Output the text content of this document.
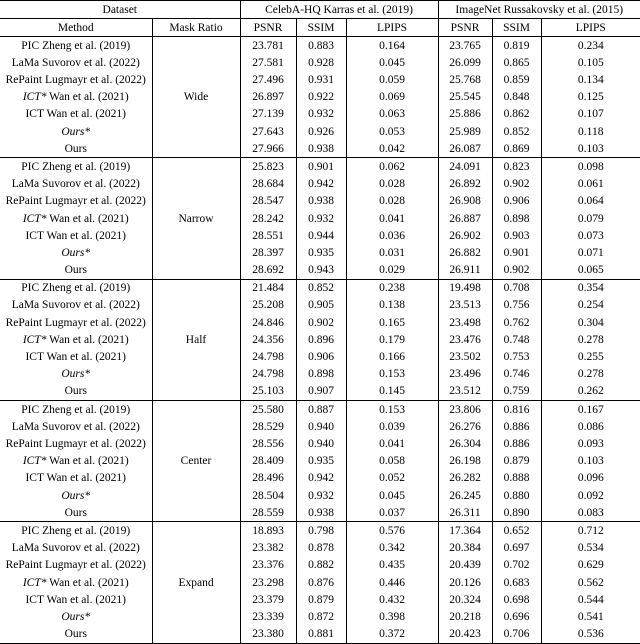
Dataset		CelebA-HQ Karras et al. (2019)			ImageNet Russakovsky et al. (2015)		
Method	Mask Ratio	PSNR	SSIM	LPIPS	PSNR	SSIM	LPIPS
PIC Zheng et al. (2019)	Wide	23.781	0.883	0.164	23.765	0.819	0.234
LaMa Suvorov et al. (2022)		27.581	0.928	0.045	26.099	0.865	0.105
RePaint Lugmayr et al. (2022)		27.496	0.931	0.059	25.768	0.859	0.134
ICT* Wan et al. (2021)		26.897	0.922	0.069	25.545	0.848	0.125
ICT Wan et al. (2021)		27.139	0.932	0.063	25.886	0.862	0.107
Ours*		27.643	0.926	0.053	25.989	0.852	0.118
Ours		27.966	0.938	0.042	26.087	0.869	0.103
PIC Zheng et al. (2019)	Narrow	25.823	0.901	0.062	24.091	0.823	0.098
LaMa Suvorov et al. (2022)		28.684	0.942	0.028	26.892	0.902	0.061
RePaint Lugmayr et al. (2022)		28.547	0.938	0.028	26.908	0.906	0.064
ICT* Wan et al. (2021)		28.242	0.932	0.041	26.887	0.898	0.079
ICT Wan et al. (2021)		28.551	0.944	0.036	26.902	0.903	0.073
Ours*		28.397	0.935	0.031	26.882	0.901	0.071
Ours		28.692	0.943	0.029	26.911	0.902	0.065
PIC Zheng et al. (2019)	Half	21.484	0.852	0.238	19.498	0.708	0.354
LaMa Suvorov et al. (2022)		25.208	0.905	0.138	23.513	0.756	0.254
RePaint Lugmayr et al. (2022)		24.846	0.902	0.165	23.498	0.762	0.304
ICT* Wan et al. (2021)		24.356	0.896	0.179	23.476	0.748	0.278
ICT Wan et al. (2021)		24.798	0.906	0.166	23.502	0.753	0.255
Ours*		24.798	0.898	0.153	23.496	0.746	0.278
Ours		25.103	0.907	0.145	23.512	0.759	0.262
PIC Zheng et al. (2019)	Center	25.580	0.887	0.153	23.806	0.816	0.167
LaMa Suvorov et al. (2022)		28.529	0.940	0.039	26.276	0.886	0.086
RePaint Lugmayr et al. (2022)		28.556	0.940	0.041	26.304	0.886	0.093
ICT* Wan et al. (2021)		28.409	0.935	0.058	26.198	0.879	0.103
ICT Wan et al. (2021)		28.496	0.942	0.052	26.282	0.888	0.096
Ours*		28.504	0.932	0.045	26.245	0.880	0.092
Ours		28.559	0.938	0.037	26.311	0.890	0.083
PIC Zheng et al. (2019)	Expand	18.893	0.798	0.576	17.364	0.652	0.712
LaMa Suvorov et al. (2022)		23.382	0.878	0.342	20.384	0.697	0.534
RePaint Lugmayr et al. (2022)		23.376	0.882	0.435	20.439	0.702	0.629
ICT* Wan et al. (2021)		23.298	0.876	0.446	20.126	0.683	0.562
ICT Wan et al. (2021)		23.379	0.879	0.432	20.324	0.698	0.544
Ours*		23.339	0.872	0.398	20.218	0.696	0.541
Ours		23.380	0.881	0.372	20.423	0.706	0.536
